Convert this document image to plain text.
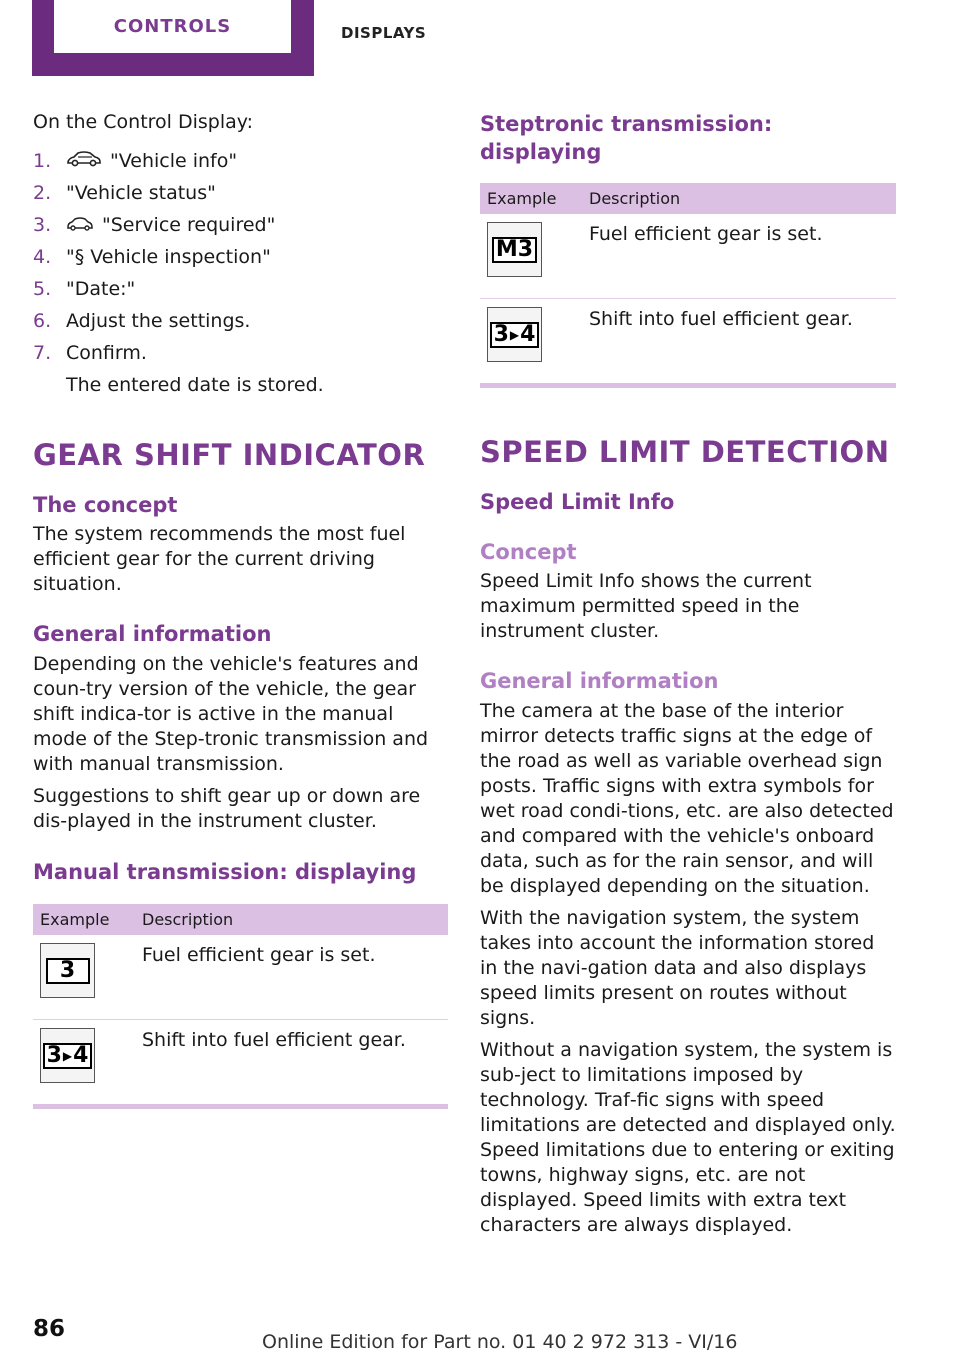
CONTROLS	DISPLAYS

On the Control Display:

1.	"Vehicle info"
2. "Vehicle status"
3.	"Service required"
4. "§ Vehicle inspection"
5. "Date:"
6. Adjust the settings.
7. Confirm.
The entered date is stored.
GEAR SHIFT INDICATOR
The concept

The system recommends the most fuel efficient gear for the current driving situation.

General information

Depending on the vehicle's features and coun‐try version of the vehicle, the gear shift indica‐tor is active in the manual mode of the Step‐tronic transmission and with manual transmission.

Suggestions to shift gear up or down are dis‐played in the instrument cluster.

Manual transmission: displaying
Example	Description

3	Fuel efficient gear is set.

3 ▶ 4	Shift into fuel efficient gear.
Steptronic transmission: displaying
Example	Description

M3	Fuel efficient gear is set.

3 ▶ 4	Shift into fuel efficient gear.
SPEED LIMIT DETECTION
Speed Limit Info
Concept

Speed Limit Info shows the current maximum permitted speed in the instrument cluster.

General information

The camera at the base of the interior mirror detects traffic signs at the edge of the road as well as variable overhead sign posts. Traffic signs with extra symbols for wet road condi‐tions, etc. are also detected and compared with the vehicle's onboard data, such as for the rain sensor, and will be displayed depending on the situation.

With the navigation system, the system takes into account the information stored in the navi‐gation data and also displays speed limits present on routes without signs.

Without a navigation system, the system is sub‐ject to limitations imposed by technology. Traf‐fic signs with speed limitations are detected and displayed only. Speed limitations due to entering or exiting towns, highway signs, etc. are not displayed. Speed limits with extra text characters are always displayed.

86	Online Edition for Part no. 01 40 2 972 313 - VI/16
